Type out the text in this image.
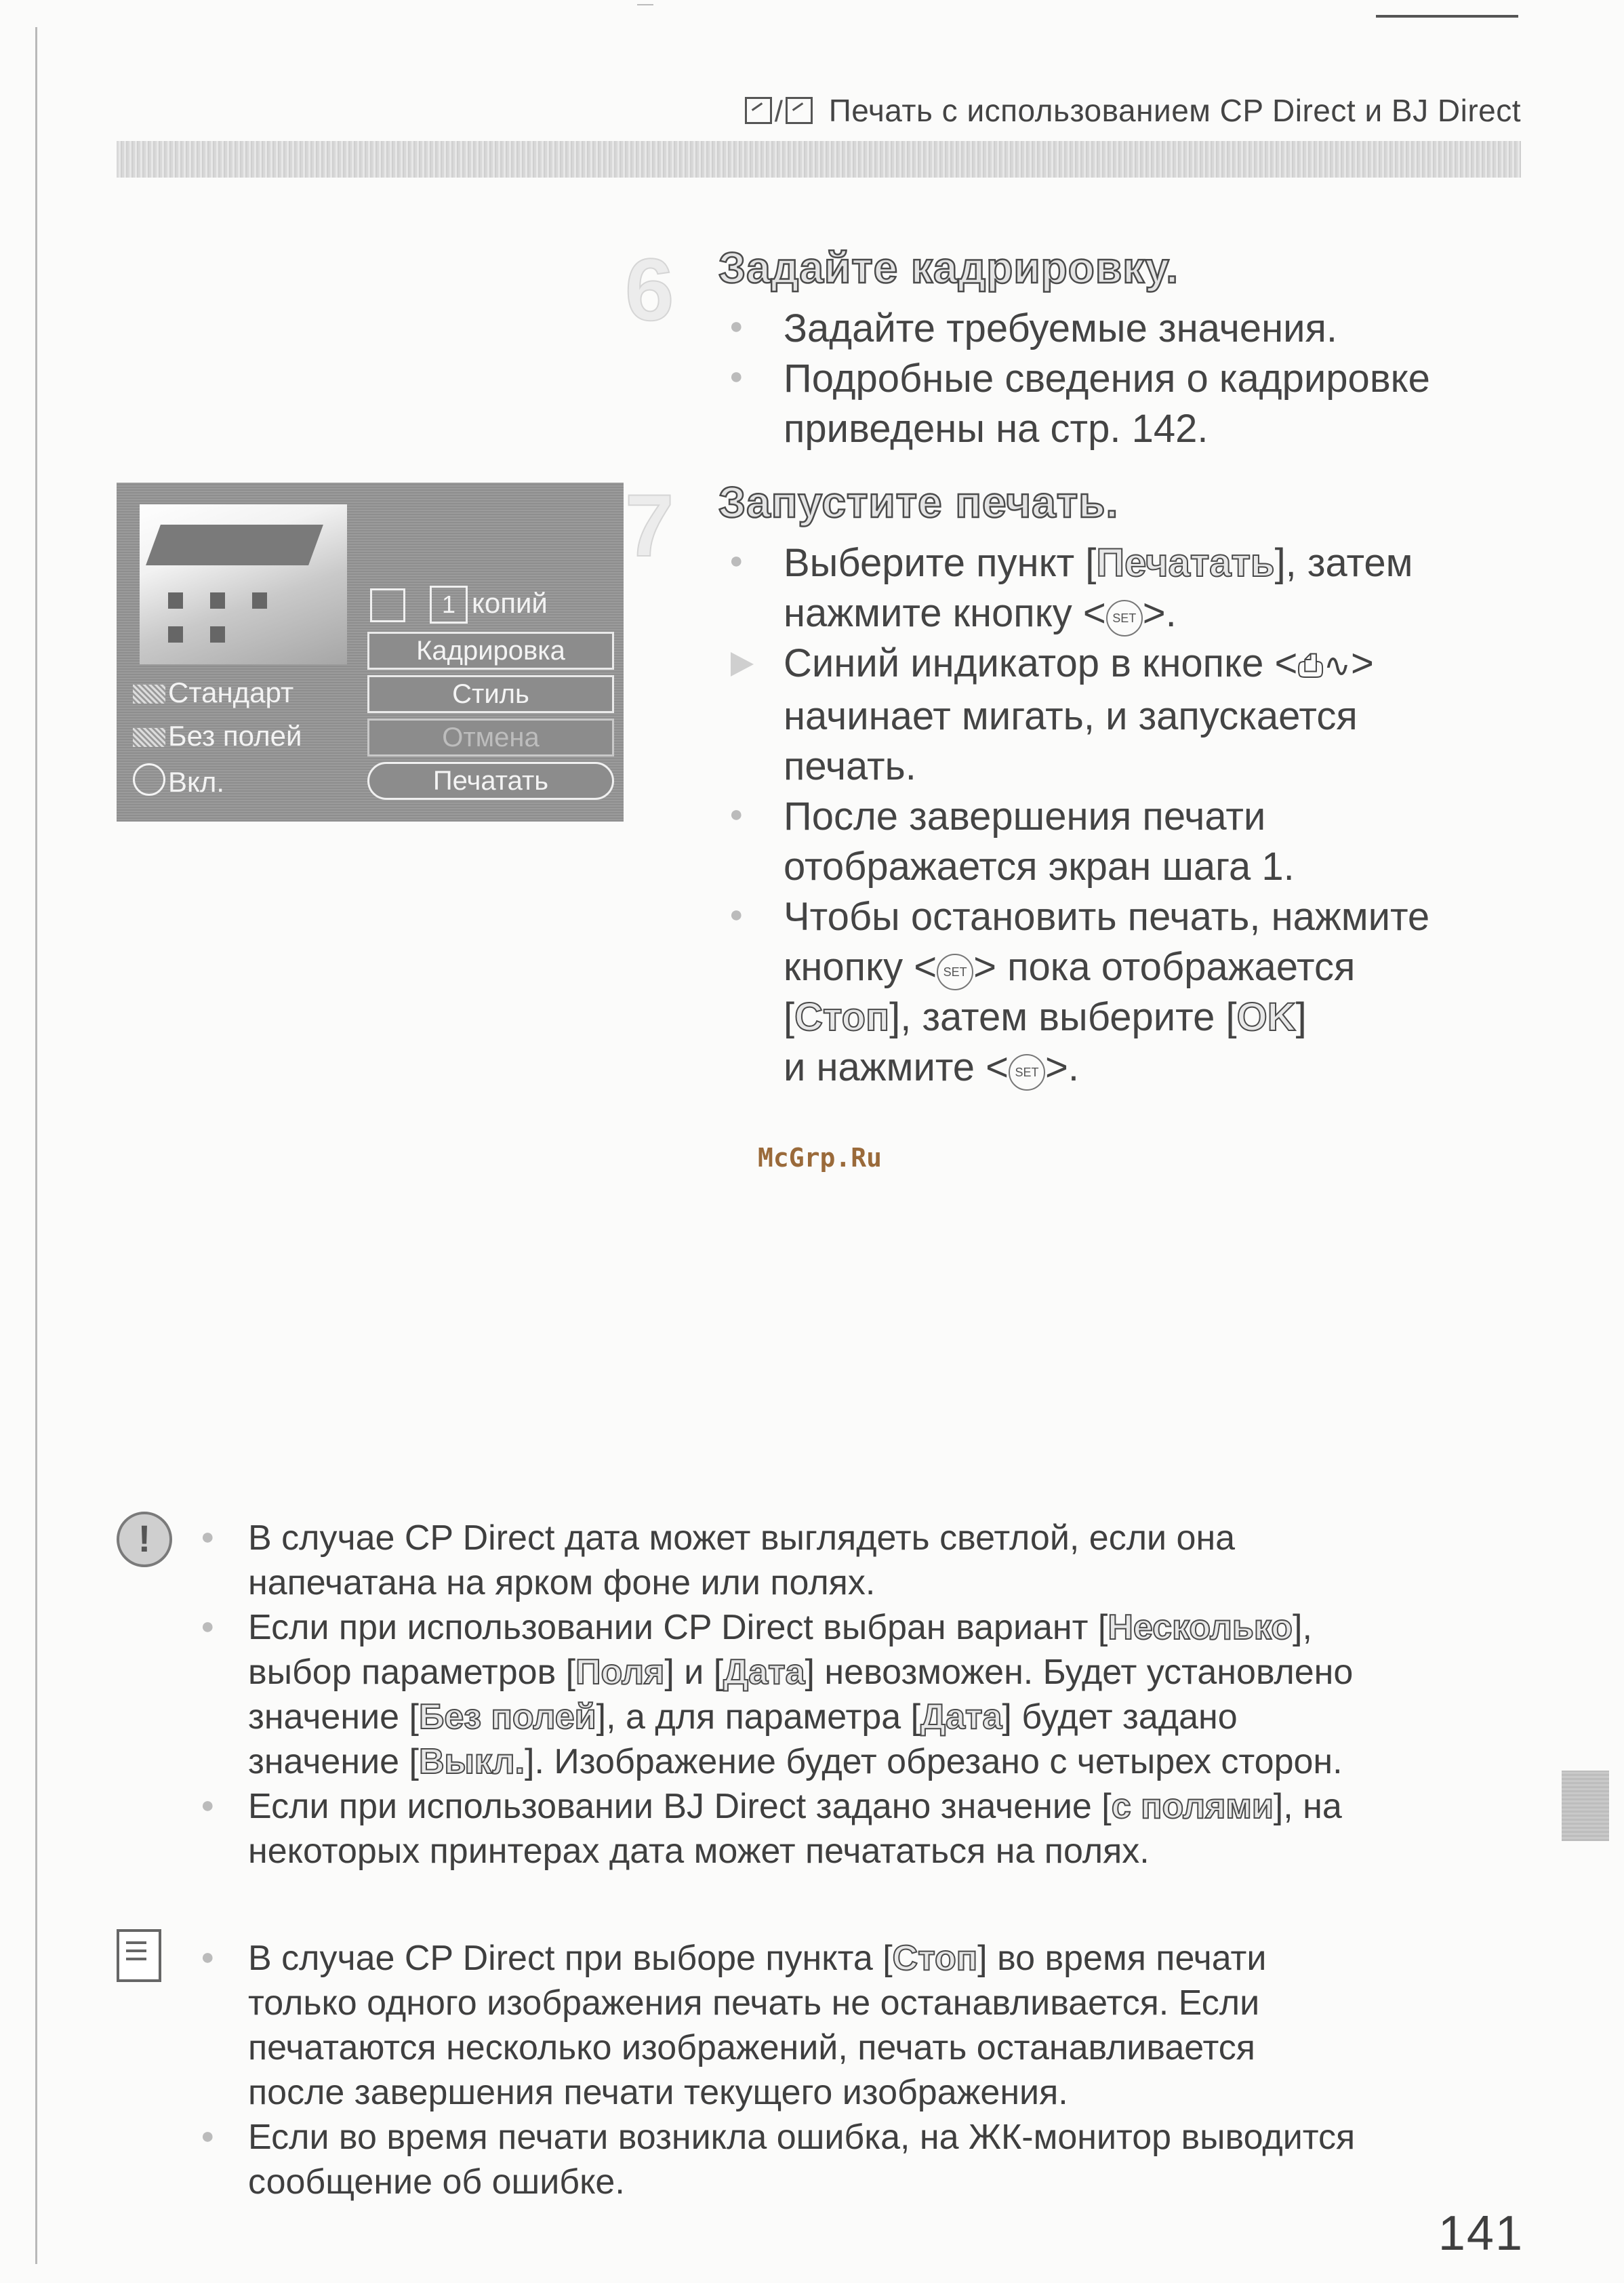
/ Печать с использованием CP Direct и BJ Direct
6 Задайте кадрировку.
● Задайте требуемые значения.
● Подробные сведения о кадрировке
приведены на стр. 142.
1 копий
Кадрировка
Стиль
Отмена
Печатать
Стандарт
Без полей
Вкл.
7 Запустите печать.
● Выберите пункт [Печатать], затем
нажмите кнопку < SET >.
Синий индикатор в кнопке <⎙∿>
начинает мигать, и запускается
печать.
● После завершения печати
отображается экран шага 1.
● Чтобы остановить печать, нажмите
кнопку < SET > пока отображается
[Стоп], затем выберите [OK]
и нажмите < SET >.
McGrp.Ru
!	● В случае CP Direct дата может выглядеть светлой, если она
напечатана на ярком фоне или полях.
● Если при использовании CP Direct выбран вариант [Несколько],
выбор параметров [Поля] и [Дата] невозможен. Будет установлено
значение [Без полей], а для параметра [Дата] будет задано
значение [Выкл.]. Изображение будет обрезано с четырех сторон.
● Если при использовании BJ Direct задано значение [с полями], на
некоторых принтерах дата может печататься на полях.
● В случае CP Direct при выборе пункта [Стоп] во время печати
только одного изображения печать не останавливается. Если
печатаются несколько изображений, печать останавливается
после завершения печати текущего изображения.
● Если во время печати возникла ошибка, на ЖК-монитор выводится
сообщение об ошибке.
141
